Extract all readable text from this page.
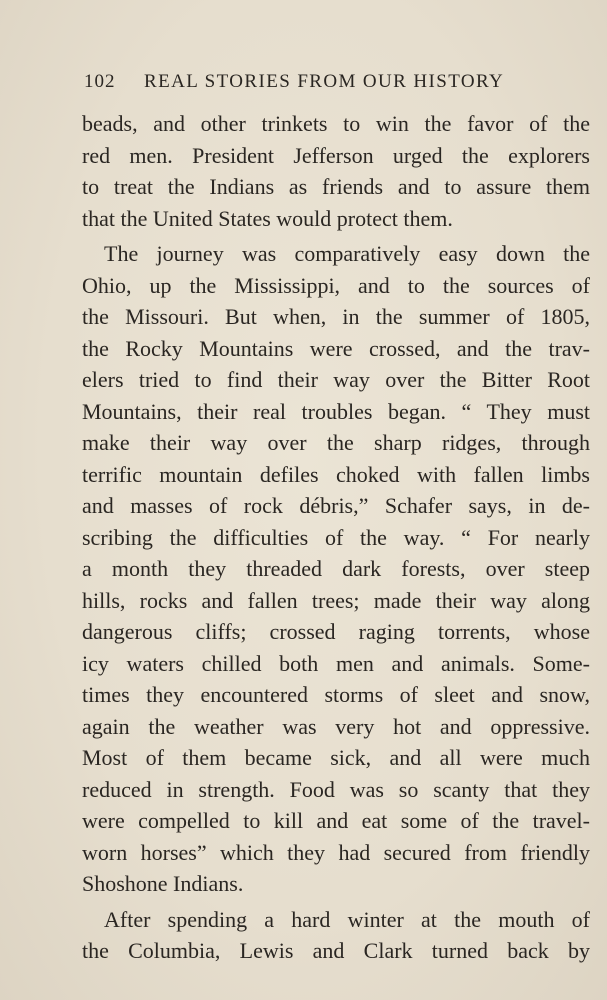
102 REAL STORIES FROM OUR HISTORY
beads, and other trinkets to win the favor of the
red men. President Jefferson urged the explorers
to treat the Indians as friends and to assure them
that the United States would protect them.
The journey was comparatively easy down the
Ohio, up the Mississippi, and to the sources of
the Missouri. But when, in the summer of 1805,
the Rocky Mountains were crossed, and the trav-
elers tried to find their way over the Bitter Root
Mountains, their real troubles began. “ They must
make their way over the sharp ridges, through
terrific mountain defiles choked with fallen limbs
and masses of rock débris,” Schafer says, in de-
scribing the difficulties of the way. “ For nearly
a month they threaded dark forests, over steep
hills, rocks and fallen trees; made their way along
dangerous cliffs; crossed raging torrents, whose
icy waters chilled both men and animals. Some-
times they encountered storms of sleet and snow,
again the weather was very hot and oppressive.
Most of them became sick, and all were much
reduced in strength. Food was so scanty that they
were compelled to kill and eat some of the travel-
worn horses” which they had secured from friendly
Shoshone Indians.
After spending a hard winter at the mouth of
the Columbia, Lewis and Clark turned back by
